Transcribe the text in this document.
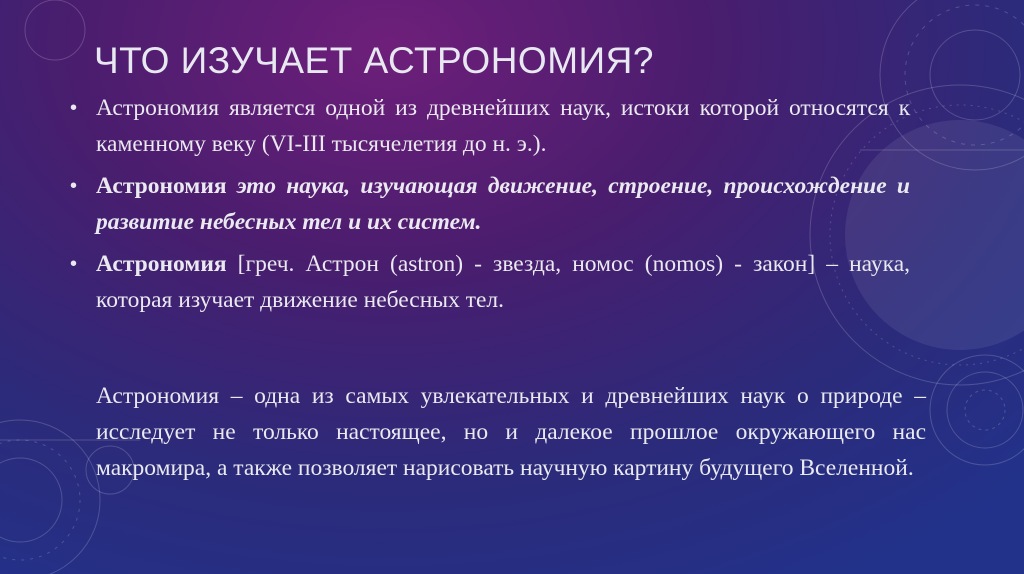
ЧТО ИЗУЧАЕТ АСТРОНОМИЯ?
• Астрономия является одной из древнейших наук, истоки которой относятся к каменному веку (VI-III тысячелетия до н. э.).
• Астрономия это наука, изучающая движение, строение, происхождение и развитие небесных тел и их систем.
• Астрономия [греч. Астрон (astron) - звезда, номос (nomos) - закон] – наука, которая изучает движение небесных тел.

Астрономия – одна из самых увлекательных и древнейших наук о природе – исследует не только настоящее, но и далекое прошлое окружающего нас макромира, а также позволяет нарисовать научную картину будущего Вселенной.
